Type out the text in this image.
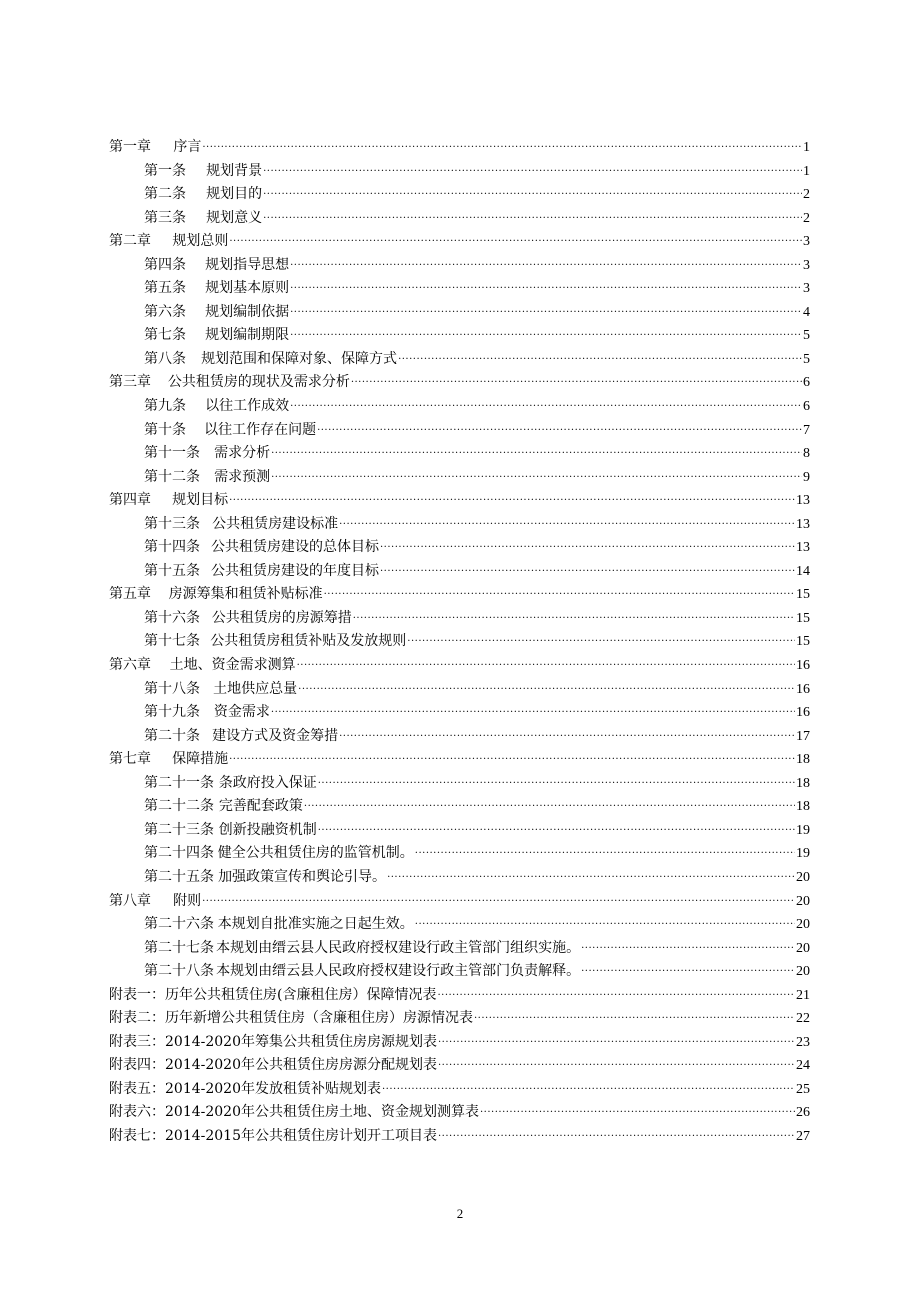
第一章 序言 .....	1
第一条 规划背景 .....	1
第二条 规划目的 .....	2
第三条 规划意义 .....	2
第二章 规划总则 .....	3
第四条 规划指导思想 .....	3
第五条 规划基本原则 .....	3
第六条 规划编制依据 .....	4
第七条 规划编制期限 .....	5
第八条 规划范围和保障对象、保障方式 .....	5
第三章 公共租赁房的现状及需求分析 .....	6
第九条 以往工作成效 .....	6
第十条 以往工作存在问题 .....	7
第十一条 需求分析 .....	8
第十二条 需求预测 .....	9
第四章 规划目标 .....	13
第十三条 公共租赁房建设标准 .....	13
第十四条 公共租赁房建设的总体目标 .....	13
第十五条 公共租赁房建设的年度目标 .....	14
第五章 房源筹集和租赁补贴标准 .....	15
第十六条 公共租赁房的房源筹措 .....	15
第十七条 公共租赁房租赁补贴及发放规则 .....	15
第六章 土地、资金需求测算 .....	16
第十八条 土地供应总量 .....	16
第十九条 资金需求 .....	16
第二十条 建设方式及资金筹措 .....	17
第七章 保障措施 .....	18
第二十一条 条政府投入保证 .....	18
第二十二条 完善配套政策 .....	18
第二十三条 创新投融资机制 .....	19
第二十四条 健全公共租赁住房的监管机制。 .....	19
第二十五条 加强政策宣传和舆论引导。 .....	20
第八章 附则 .....	20
第二十六条 本规划自批准实施之日起生效。 .....	20
第二十七条 本规划由缙云县人民政府授权建设行政主管部门组织实施。 .....	20
第二十八条 本规划由缙云县人民政府授权建设行政主管部门负责解释。 .....	20
附表一： 历年公共租赁住房(含廉租住房）保障情况表 .....	21
附表二： 历年新增公共租赁住房（含廉租住房）房源情况表 .....	22
附表三： 2014-2020年筹集公共租赁住房房源规划表 .....	23
附表四： 2014-2020年公共租赁住房房源分配规划表 .....	24
附表五： 2014-2020年发放租赁补贴规划表 .....	25
附表六： 2014-2020年公共租赁住房土地、资金规划测算表 .....	26
附表七： 2014-2015年公共租赁住房计划开工项目表 .....	27
2
